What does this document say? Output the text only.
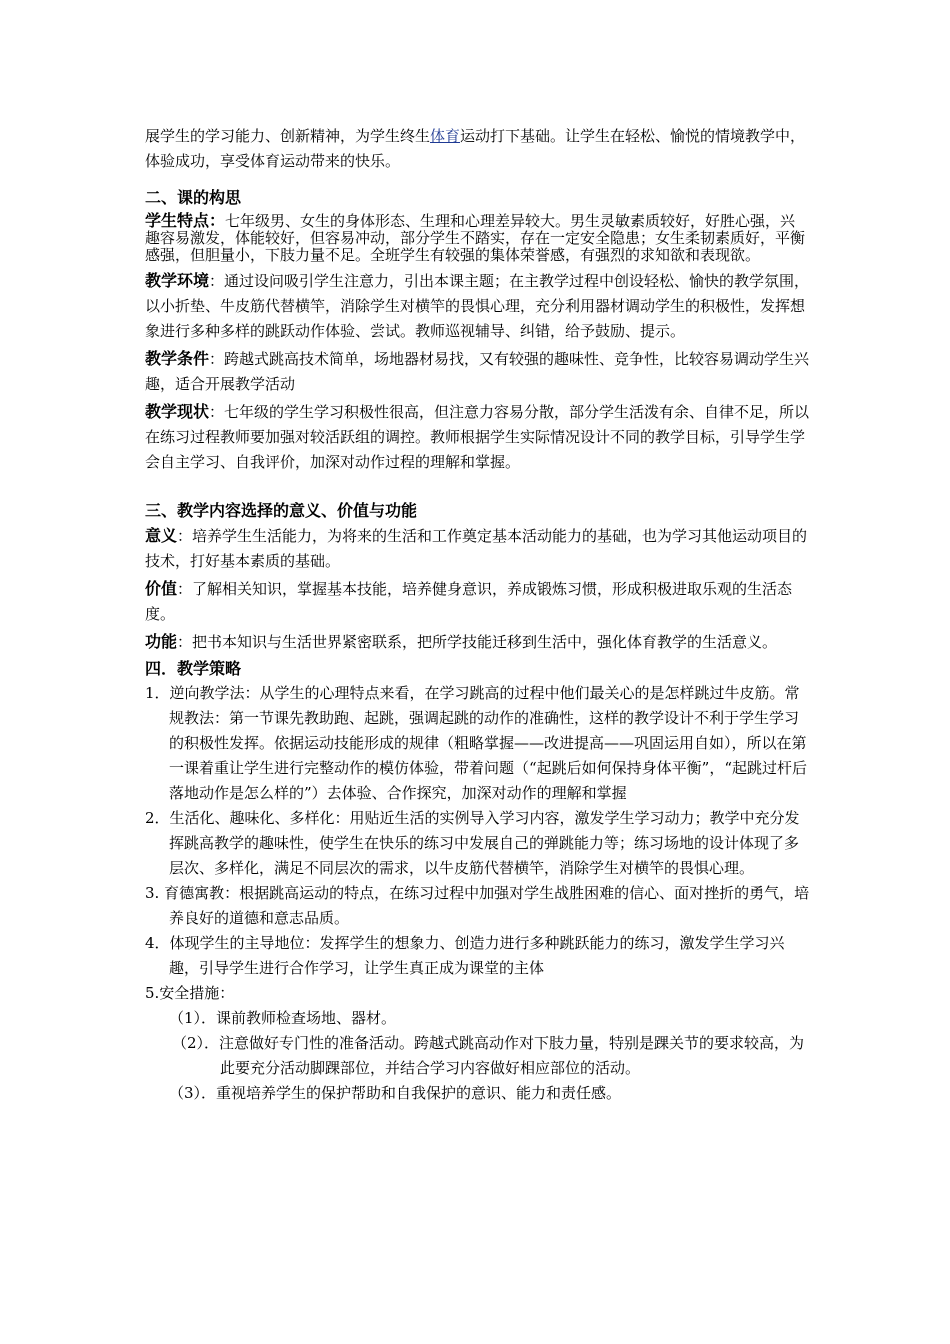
展学生的学习能力、创新精神，为学生终生体育运动打下基础。让学生在轻松、愉悦的情境教学中，体验成功，享受体育运动带来的快乐。

二、课的构思

学生特点：七年级男、女生的身体形态、生理和心理差异较大。男生灵敏素质较好，好胜心强，兴趣容易激发，体能较好，但容易冲动，部分学生不踏实，存在一定安全隐患；女生柔韧素质好，平衡感强，但胆量小，下肢力量不足。全班学生有较强的集体荣誉感，有强烈的求知欲和表现欲。

教学环境：通过设问吸引学生注意力，引出本课主题；在主教学过程中创设轻松、愉快的教学氛围，以小折垫、牛皮筋代替横竿，消除学生对横竿的畏惧心理，充分利用器材调动学生的积极性，发挥想象进行多种多样的跳跃动作体验、尝试。教师巡视辅导、纠错，给予鼓励、提示。

教学条件：跨越式跳高技术简单，场地器材易找，又有较强的趣味性、竞争性，比较容易调动学生兴趣，适合开展教学活动

教学现状：七年级的学生学习积极性很高，但注意力容易分散，部分学生活泼有余、自律不足，所以在练习过程教师要加强对较活跃组的调控。教师根据学生实际情况设计不同的教学目标，引导学生学会自主学习、自我评价，加深对动作过程的理解和掌握。

三、教学内容选择的意义、价值与功能

意义：培养学生生活能力，为将来的生活和工作奠定基本活动能力的基础，也为学习其他运动项目的技术，打好基本素质的基础。

价值：了解相关知识，掌握基本技能，培养健身意识，养成锻炼习惯，形成积极进取乐观的生活态度。

功能：把书本知识与生活世界紧密联系，把所学技能迁移到生活中，强化体育教学的生活意义。

四．教学策略

1．逆向教学法：从学生的心理特点来看，在学习跳高的过程中他们最关心的是怎样跳过牛皮筋。常规教法：第一节课先教助跑、起跳，强调起跳的动作的准确性，这样的教学设计不利于学生学习的积极性发挥。依据运动技能形成的规律（粗略掌握——改进提高——巩固运用自如），所以在第一课着重让学生进行完整动作的模仿体验，带着问题（“起跳后如何保持身体平衡”，“起跳过杆后落地动作是怎么样的”）去体验、合作探究，加深对动作的理解和掌握

2．生活化、趣味化、多样化：用贴近生活的实例导入学习内容，激发学生学习动力；教学中充分发挥跳高教学的趣味性，使学生在快乐的练习中发展自己的弹跳能力等；练习场地的设计体现了多层次、多样化，满足不同层次的需求，以牛皮筋代替横竿，消除学生对横竿的畏惧心理。

3. 育德寓教：根据跳高运动的特点，在练习过程中加强对学生战胜困难的信心、面对挫折的勇气，培养良好的道德和意志品质。

4．体现学生的主导地位：发挥学生的想象力、创造力进行多种跳跃能力的练习，激发学生学习兴趣，引导学生进行合作学习，让学生真正成为课堂的主体

5.安全措施：

（1）．课前教师检查场地、器材。

（2）．注意做好专门性的准备活动。跨越式跳高动作对下肢力量，特别是踝关节的要求较高，为此要充分活动脚踝部位，并结合学习内容做好相应部位的活动。

（3）．重视培养学生的保护帮助和自我保护的意识、能力和责任感。
